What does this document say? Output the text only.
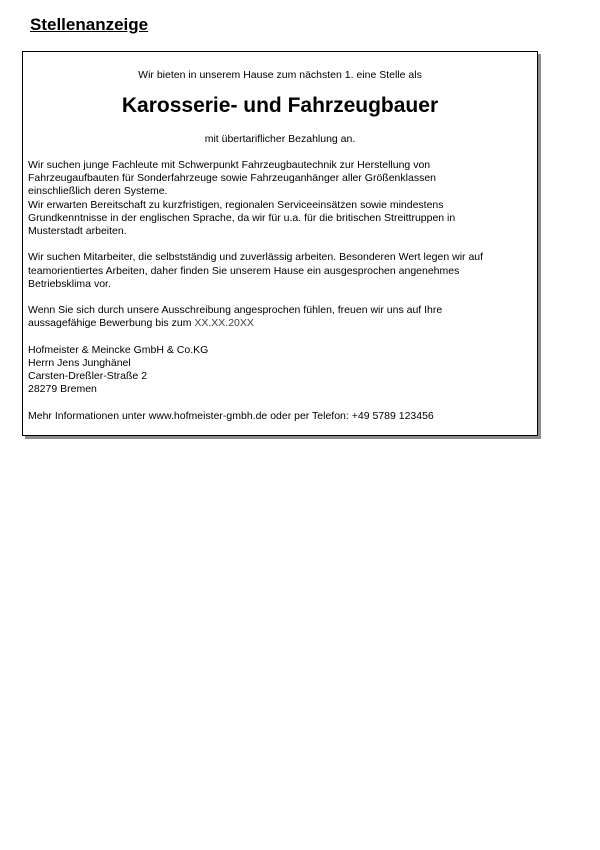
Stellenanzeige
Wir bieten in unserem Hause zum nächsten 1. eine Stelle als
Karosserie- und Fahrzeugbauer
mit übertariflicher Bezahlung an.

Wir suchen junge Fachleute mit Schwerpunkt Fahrzeugbautechnik zur Herstellung von
Fahrzeugaufbauten für Sonderfahrzeuge sowie Fahrzeuganhänger aller Größenklassen
einschließlich deren Systeme.
Wir erwarten Bereitschaft zu kurzfristigen, regionalen Serviceeinsätzen sowie mindestens
Grundkenntnisse in der englischen Sprache, da wir für u.a. für die britischen Streittruppen in
Musterstadt arbeiten.

Wir suchen Mitarbeiter, die selbstständig und zuverlässig arbeiten. Besonderen Wert legen wir auf
teamorientiertes Arbeiten, daher finden Sie unserem Hause ein ausgesprochen angenehmes
Betriebsklima vor.

Wenn Sie sich durch unsere Ausschreibung angesprochen fühlen, freuen wir uns auf Ihre
aussagefähige Bewerbung bis zum XX.XX.20XX

Hofmeister & Meincke GmbH & Co.KG
Herrn Jens Junghänel
Carsten-Dreßler-Straße 2
28279 Bremen

Mehr Informationen unter www.hofmeister-gmbh.de oder per Telefon: +49 5789 123456
